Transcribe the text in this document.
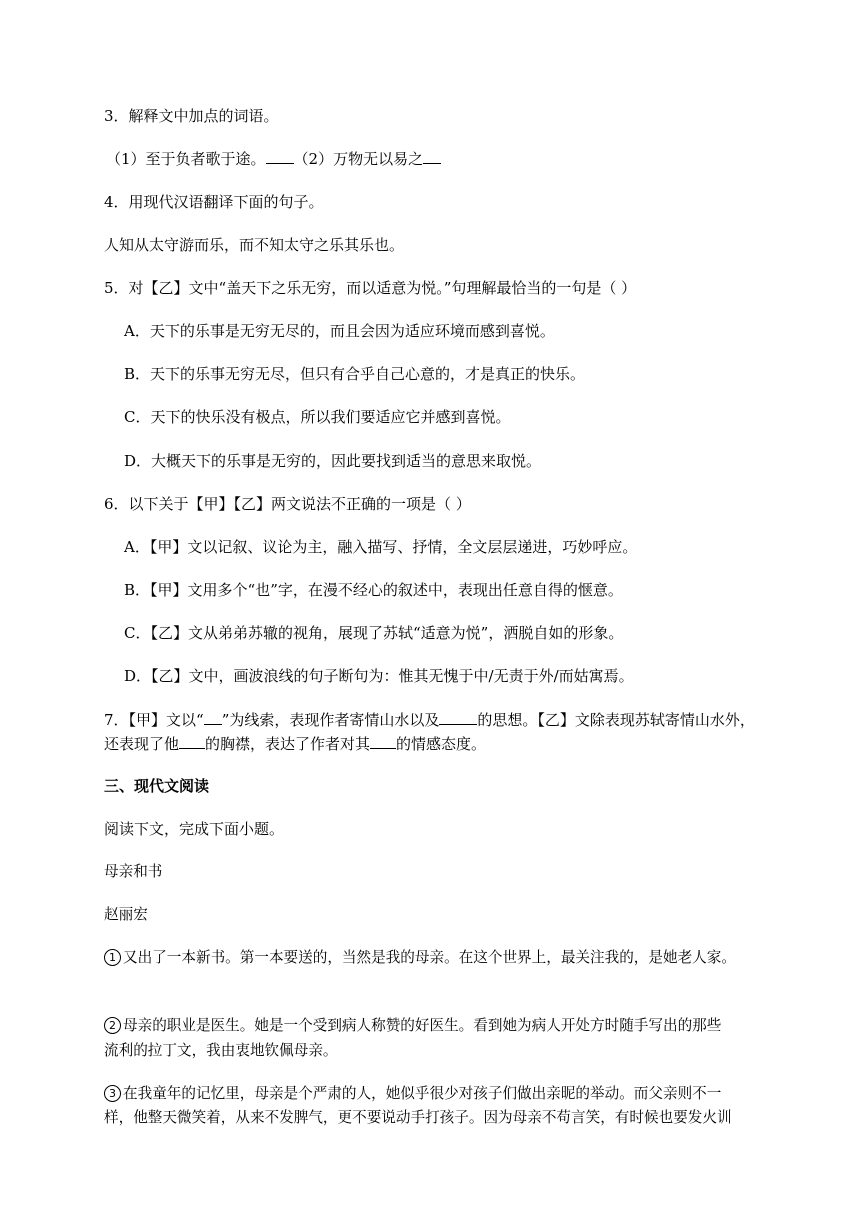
3．解释文中加点的词语。
（1）至于负者歌于途。 （2）万物无以易之
4．用现代汉语翻译下面的句子。
人知从太守游而乐，而不知太守之乐其乐也。
5．对【乙】文中“盖天下之乐无穷，而以适意为悦。”句理解最恰当的一句是（ ）
A．天下的乐事是无穷无尽的，而且会因为适应环境而感到喜悦。
B．天下的乐事无穷无尽，但只有合乎自己心意的，才是真正的快乐。
C．天下的快乐没有极点，所以我们要适应它并感到喜悦。
D．大概天下的乐事是无穷的，因此要找到适当的意思来取悦。
6．以下关于【甲】【乙】两文说法不正确的一项是（ ）
A．【甲】文以记叙、议论为主，融入描写、抒情，全文层层递进，巧妙呼应。
B．【甲】文用多个“也”字，在漫不经心的叙述中，表现出任意自得的惬意。
C．【乙】文从弟弟苏辙的视角，展现了苏轼“适意为悦”，洒脱自如的形象。
D．【乙】文中，画波浪线的句子断句为：惟其无愧于中/无责于外/而姑寓焉。
7．【甲】文以“ ”为线索，表现作者寄情山水以及	的思想。【乙】文除表现苏轼寄情山水外，
还表现了他 的胸襟，表达了作者对其 的情感态度。
三、现代文阅读
阅读下文，完成下面小题。
母亲和书
赵丽宏
1 又出了一本新书。第一本要送的，当然是我的母亲。在这个世界上，最关注我的，是她老人家。
2 母亲的职业是医生。她是一个受到病人称赞的好医生。看到她为病人开处方时随手写出的那些
流利的拉丁文，我由衷地钦佩母亲。
3 在我童年的记忆里，母亲是个严肃的人，她似乎很少对孩子们做出亲昵的举动。而父亲则不一
样，他整天微笑着，从来不发脾气，更不要说动手打孩子。因为母亲不苟言笑，有时候也要发火训
